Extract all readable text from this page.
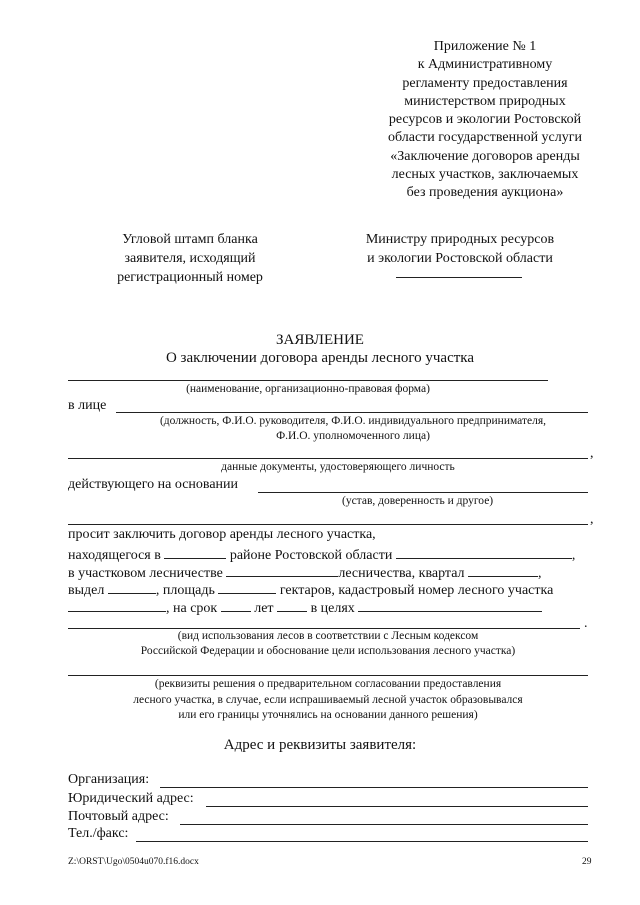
Приложение № 1
к Административному
регламенту предоставления
министерством природных
ресурсов и экологии Ростовской
области государственной услуги
«Заключение договоров аренды
лесных участков, заключаемых
без проведения аукциона»
Угловой штамп бланка
заявителя, исходящий
регистрационный номер
Министру природных ресурсов
и экологии Ростовской области
ЗАЯВЛЕНИЕ
О заключении договора аренды лесного участка
(наименование, организационно-правовая форма)
в лице
(должность, Ф.И.О. руководителя, Ф.И.О. индивидуального предпринимателя,
Ф.И.О. уполномоченного лица)
,
данные документы, удостоверяющего личность
действующего на основании
(устав, доверенность и другое)
,
просит заключить договор аренды лесного участка,
находящегося в	районе Ростовской области	,
в участковом лесничестве	лесничества, квартал	,
выдел	, площадь	гектаров, кадастровый номер лесного участка
, на срок	лет	в целях
.
(вид использования лесов в соответствии с Лесным кодексом
Российской Федерации и обоснование цели использования лесного участка)
(реквизиты решения о предварительном согласовании предоставления
лесного участка, в случае, если испрашиваемый лесной участок образовывался
или его границы уточнялись на основании данного решения)
Адрес и реквизиты заявителя:
Организация:
Юридический адрес:
Почтовый адрес:
Тел./факс:
Z:\ORST\Ugo\0504u070.f16.docx	29
